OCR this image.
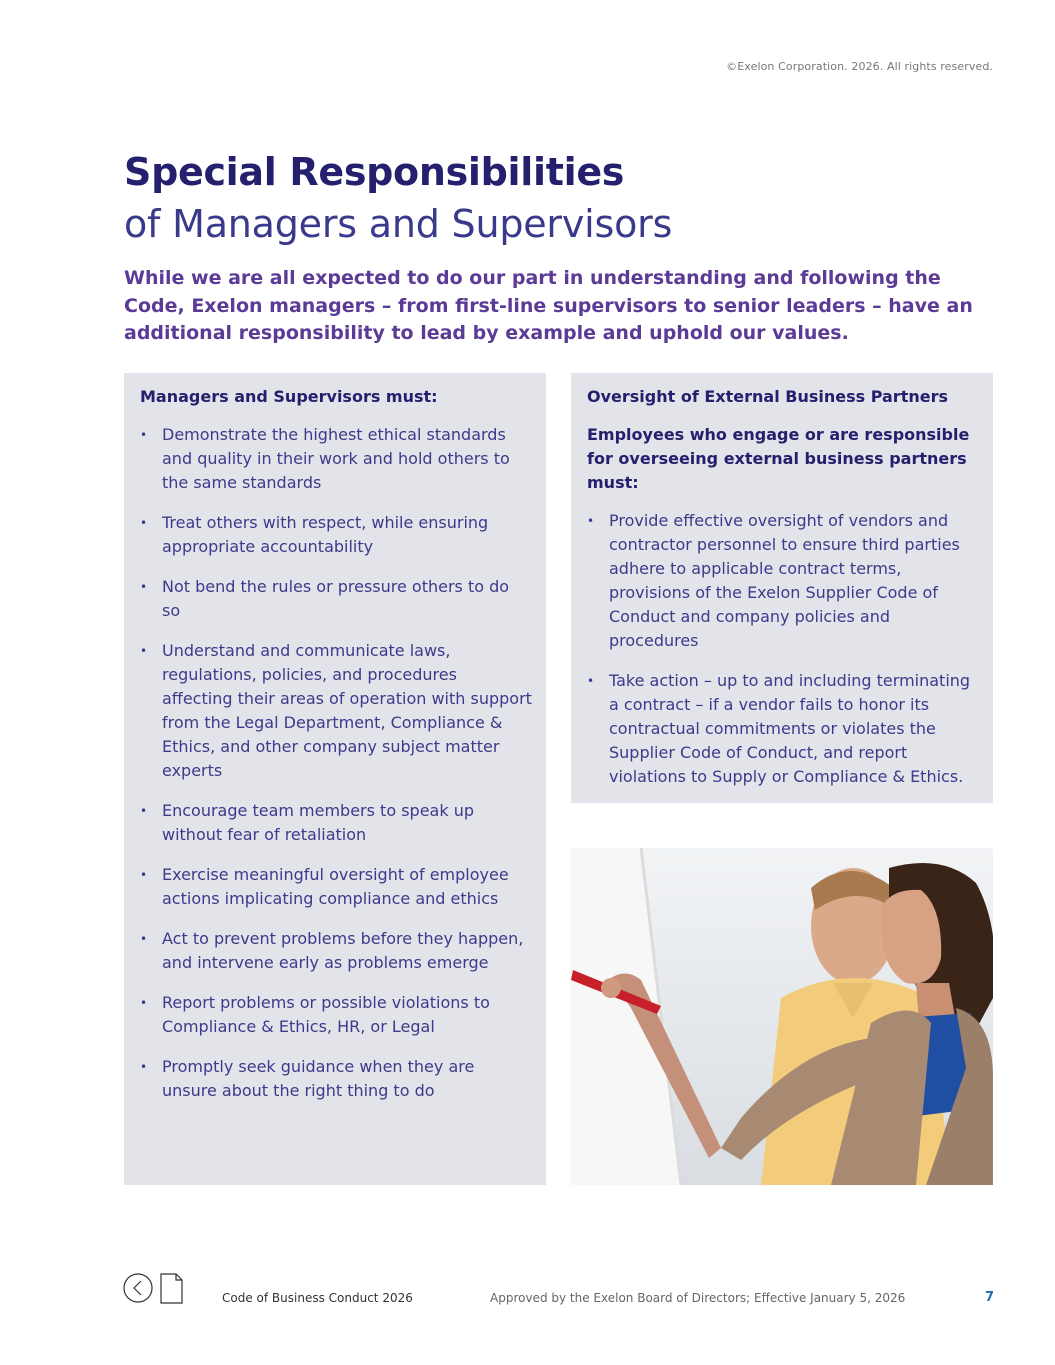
©Exelon Corporation. 2026. All rights reserved.
Special Responsibilities
of Managers and Supervisors
While we are all expected to do our part in understanding and following the Code, Exelon managers – from first-line supervisors to senior leaders – have an additional responsibility to lead by example and uphold our values.
Managers and Supervisors must:
• Demonstrate the highest ethical standards and quality in their work and hold others to the same standards
• Treat others with respect, while ensuring appropriate accountability
• Not bend the rules or pressure others to do so
• Understand and communicate laws, regulations, policies, and procedures affecting their areas of operation with support from the Legal Department, Compliance & Ethics, and other company subject matter experts
• Encourage team members to speak up without fear of retaliation
• Exercise meaningful oversight of employee actions implicating compliance and ethics
• Act to prevent problems before they happen, and intervene early as problems emerge
• Report problems or possible violations to Compliance & Ethics, HR, or Legal
• Promptly seek guidance when they are unsure about the right thing to do
Oversight of External Business Partners
Employees who engage or are responsible for overseeing external business partners must:
• Provide effective oversight of vendors and contractor personnel to ensure third parties adhere to applicable contract terms, provisions of the Exelon Supplier Code of Conduct and company policies and procedures
• Take action – up to and including terminating a contract – if a vendor fails to honor its contractual commitments or violates the Supplier Code of Conduct, and report violations to Supply or Compliance & Ethics.
Code of Business Conduct 2026	Approved by the Exelon Board of Directors; Effective January 5, 2026	7
